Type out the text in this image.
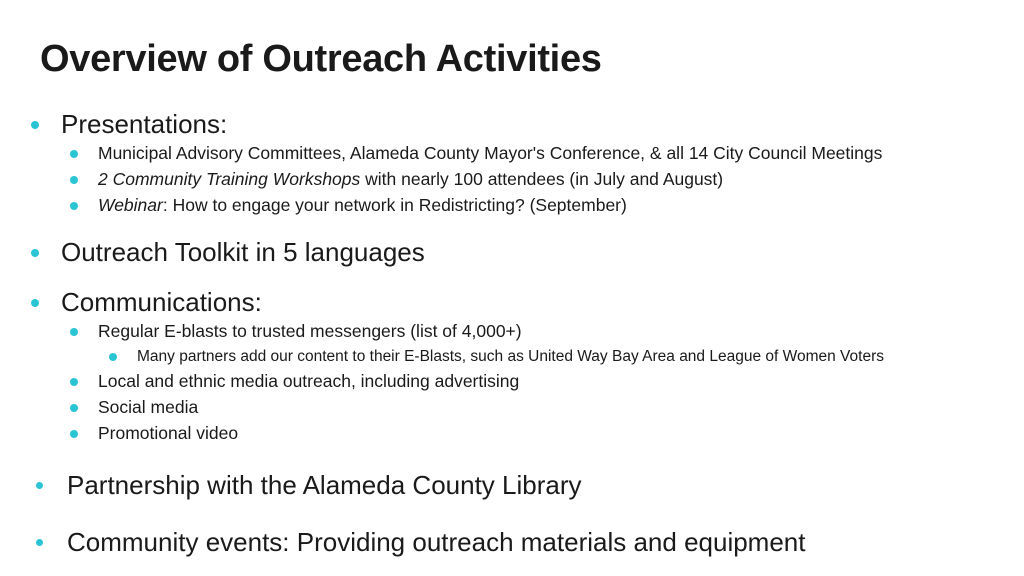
Overview of Outreach Activities
Presentations:
Municipal Advisory Committees, Alameda County Mayor's Conference, & all 14 City Council Meetings
2 Community Training Workshops with nearly 100 attendees (in July and August)
Webinar: How to engage your network in Redistricting? (September)
Outreach Toolkit in 5 languages
Communications:
Regular E-blasts to trusted messengers (list of 4,000+)
Many partners add our content to their E-Blasts, such as United Way Bay Area and League of Women Voters
Local and ethnic media outreach, including advertising
Social media
Promotional video
Partnership with the Alameda County Library
Community events: Providing outreach materials and equipment
